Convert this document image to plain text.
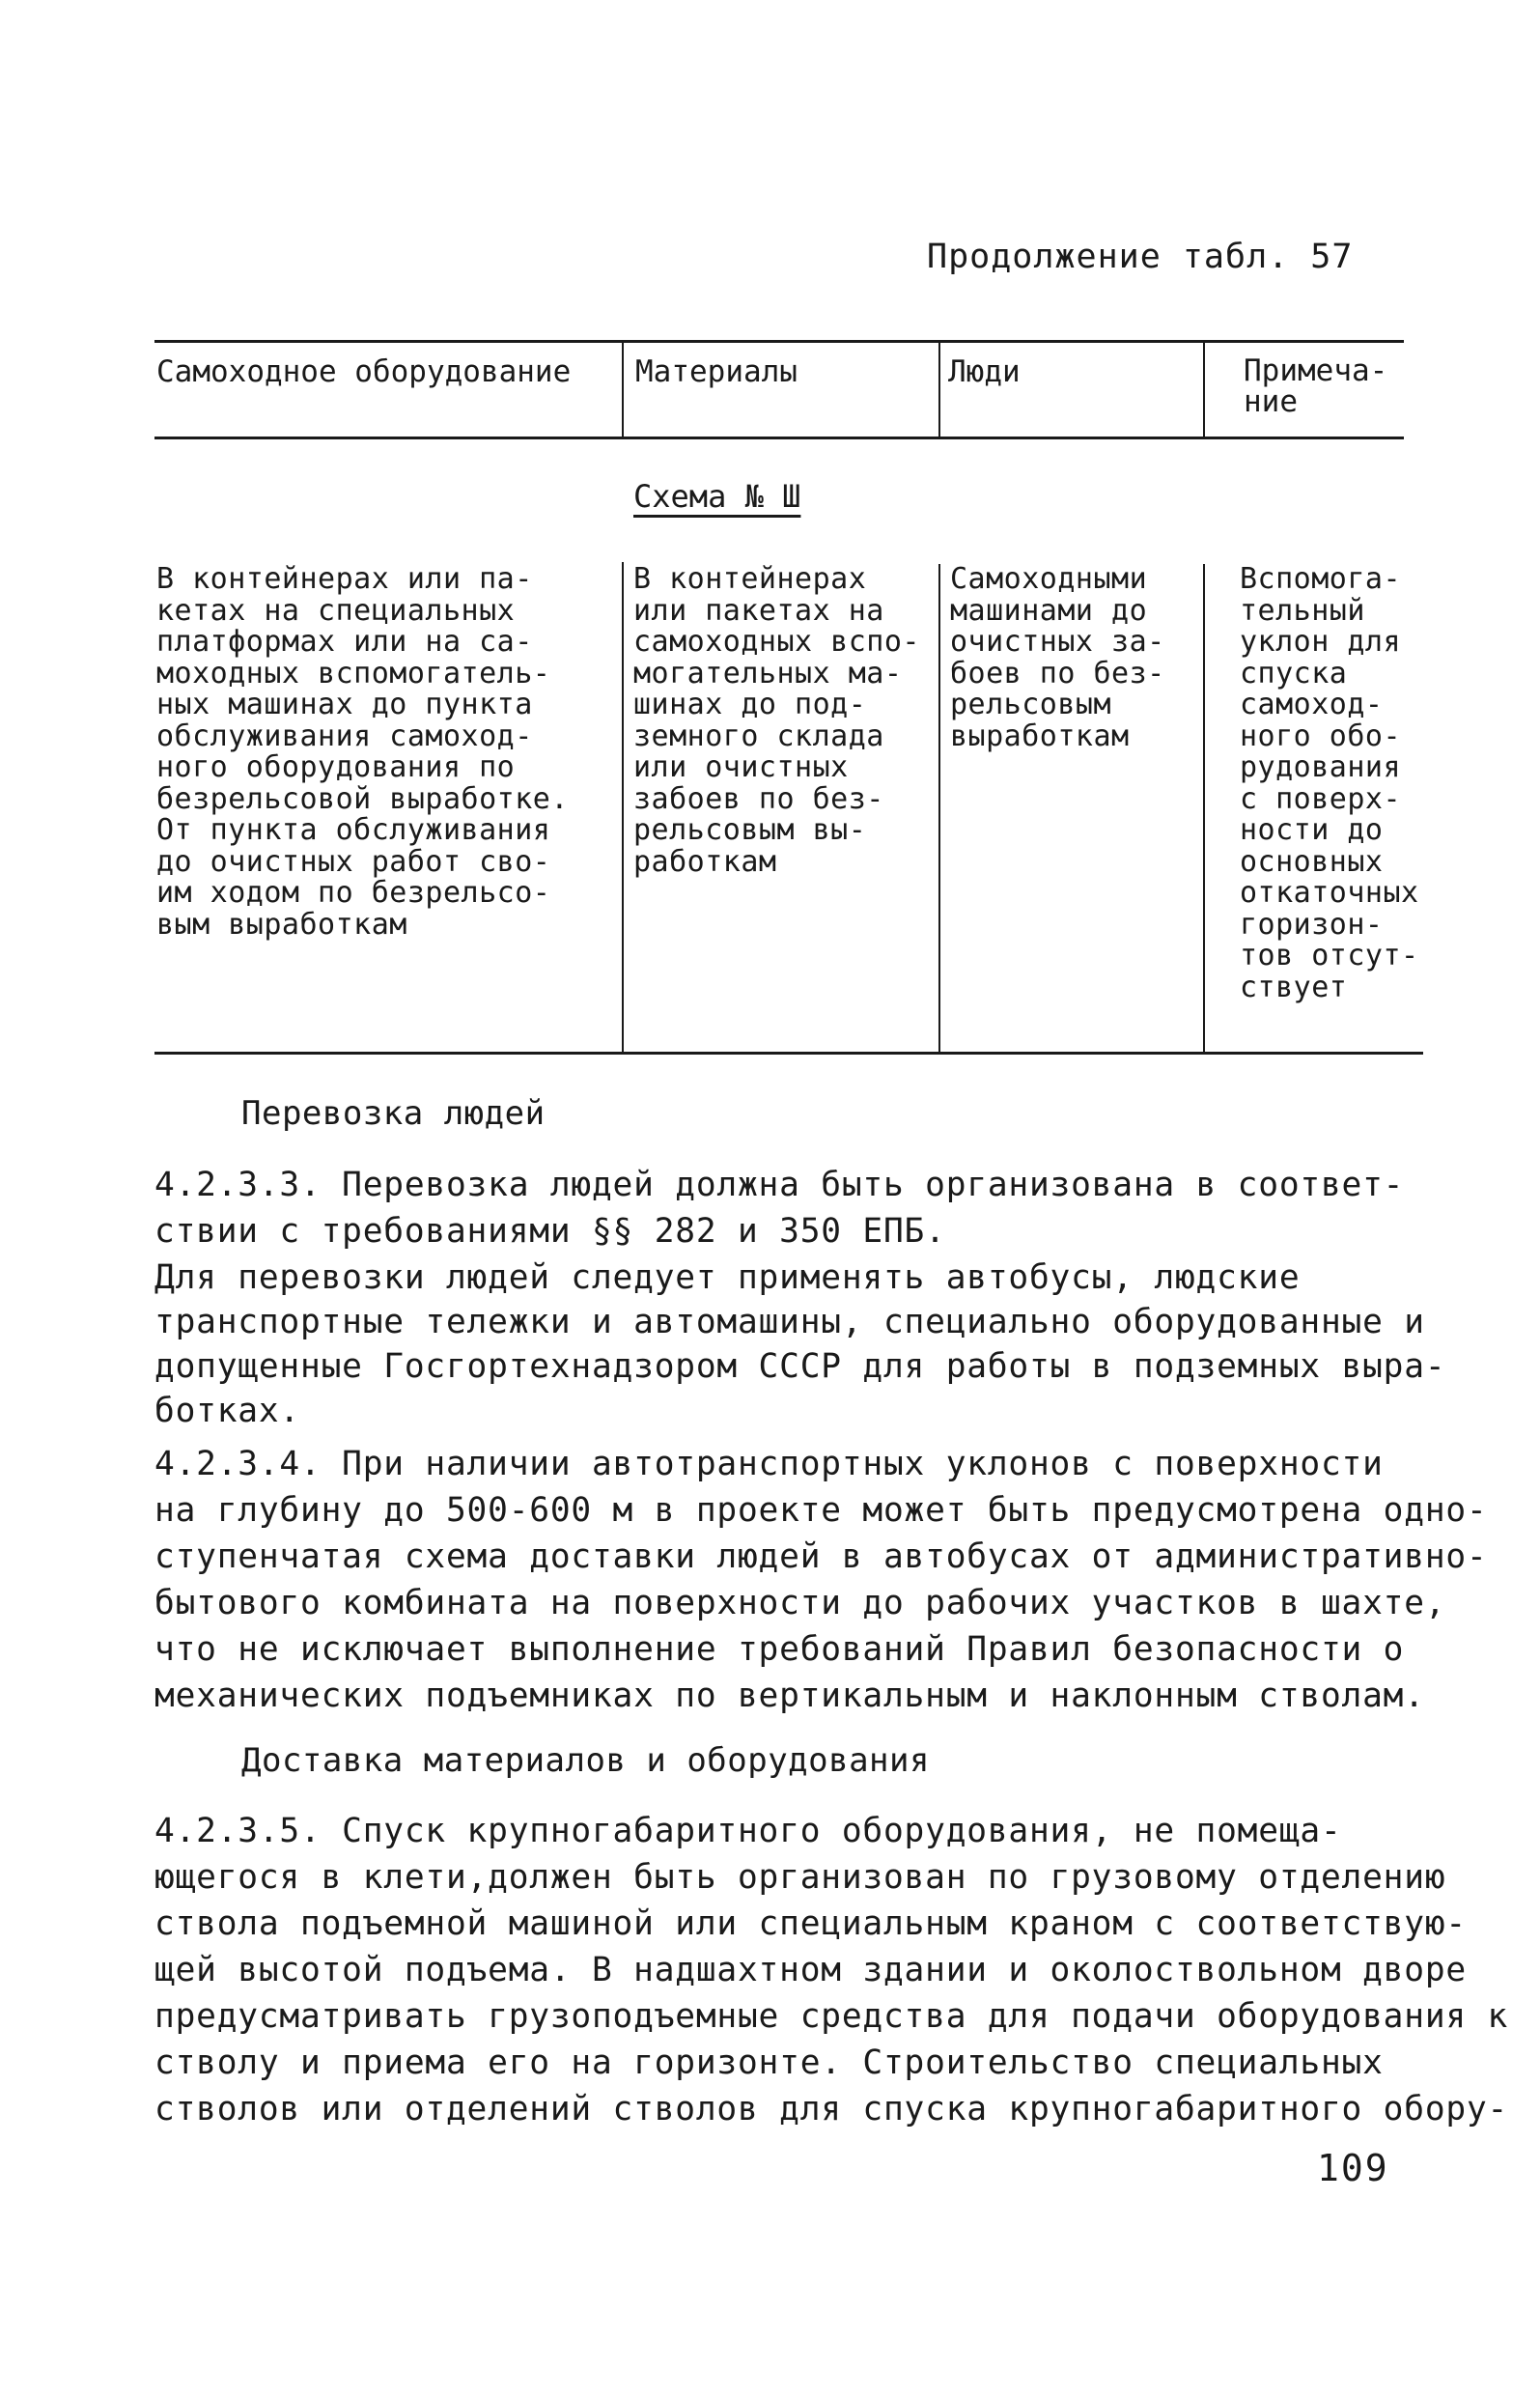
Продолжение табл. 57
Самоходное оборудование Материалы	Люди	Примеча-
ние
Схема № Ш
В контейнерах или па-
кетах на специальных
платформах или на са-
моходных вспомогатель-
ных машинах до пункта
обслуживания самоход-
ного оборудования по
безрельсовой выработке.
От пункта обслуживания
до очистных работ сво-
им ходом по безрельсо-
вым выработкам
В контейнерах
или пакетах на
самоходных вспо-
могательных ма-
шинах до под-
земного склада
или очистных
забоев по без-
рельсовым вы-
работкам
Самоходными
машинами до
очистных за-
боев по без-
рельсовым
выработкам
Вспомога-
тельный
уклон для
спуска
самоход-
ного обо-
рудования
с поверх-
ности до
основных
откаточных
горизон-
тов отсут-
ствует
Перевозка людей
4.2.3.3. Перевозка людей должна быть организована в соответ-
ствии с требованиями §§ 282 и 350 ЕПБ.
Для перевозки людей следует применять автобусы, людские
транспортные тележки и автомашины, специально оборудованные и
допущенные Госгортехнадзором СССР для работы в подземных выра-
ботках.
4.2.3.4. При наличии автотранспортных уклонов с поверхности
на глубину до 500-600 м в проекте может быть предусмотрена одно-
ступенчатая схема доставки людей в автобусах от административно-
бытового комбината на поверхности до рабочих участков в шахте,
что не исключает выполнение требований Правил безопасности о
механических подъемниках по вертикальным и наклонным стволам.
Доставка материалов и оборудования
4.2.3.5. Спуск крупногабаритного оборудования, не помеща-
ющегося в клети,должен быть организован по грузовому отделению
ствола подъемной машиной или специальным краном с соответствую-
щей высотой подъема. В надшахтном здании и околоствольном дворе
предусматривать грузоподъемные средства для подачи оборудования к
стволу и приема его на горизонте. Строительство специальных
стволов или отделений стволов для спуска крупногабаритного обору-
109
